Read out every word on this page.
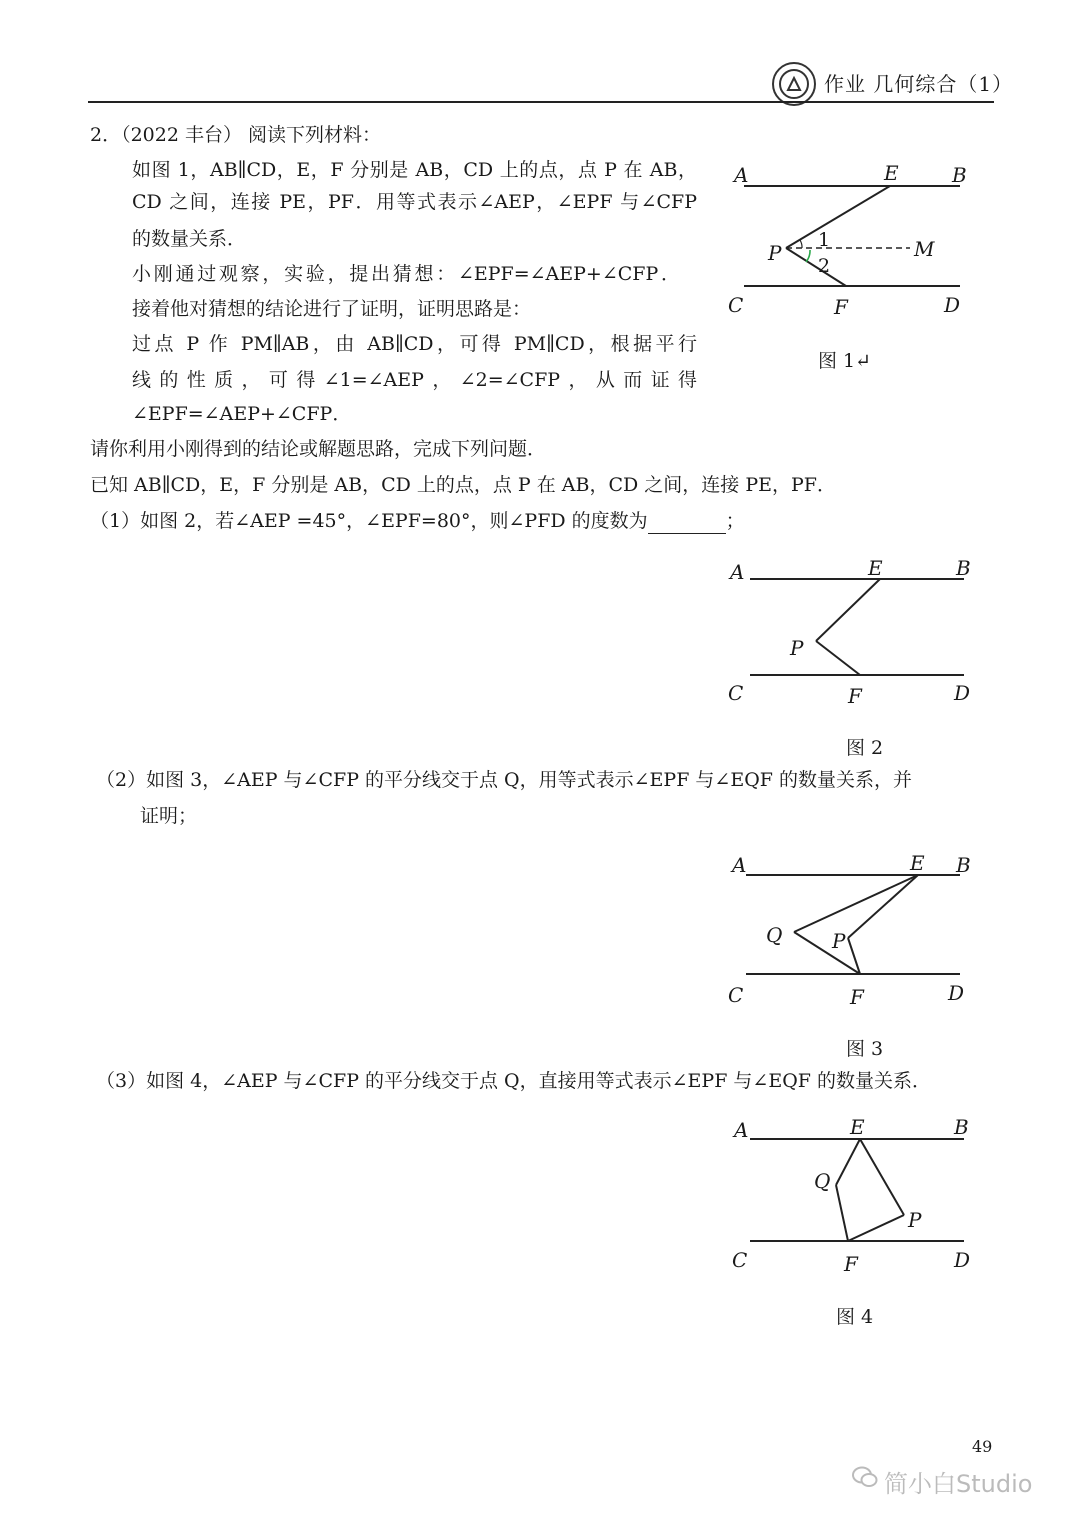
作业 几何综合（1）
2．（2022 丰台） 阅读下列材料：
如图 1，AB∥CD，E，F 分别是 AB，CD 上的点，点 P 在 AB，
CD 之间，连接 PE，PF．用等式表示∠AEP，∠EPF 与∠CFP
的数量关系．
小刚通过观察，实验，提出猜想：∠EPF=∠AEP+∠CFP．
接着他对猜想的结论进行了证明，证明思路是：
过点 P 作 PM∥AB，由 AB∥CD，可得 PM∥CD，根据平行
线的性质，可得∠1=∠AEP，∠2=∠CFP，从而证得
∠EPF=∠AEP+∠CFP．
请你利用小刚得到的结论或解题思路，完成下列问题．
已知 AB∥CD，E，F 分别是 AB，CD 上的点，点 P 在 AB，CD 之间，连接 PE，PF．
（1）如图 2，若∠AEP =45°，∠EPF=80°，则∠PFD 的度数为	；
（2）如图 3，∠AEP 与∠CFP 的平分线交于点 Q，用等式表示∠EPF 与∠EQF 的数量关系，并
证明；
（3）如图 4，∠AEP 与∠CFP 的平分线交于点 Q，直接用等式表示∠EPF 与∠EQF 的数量关系．
A	E	B
P
1
2
M
C	F	D
图 1↵
A	E	B
P
C	F	D
图 2
A	E B
Q P
C	F	D
图 3
A	E	B
Q
P
C	F	D
图 4
49
简小白Studio
